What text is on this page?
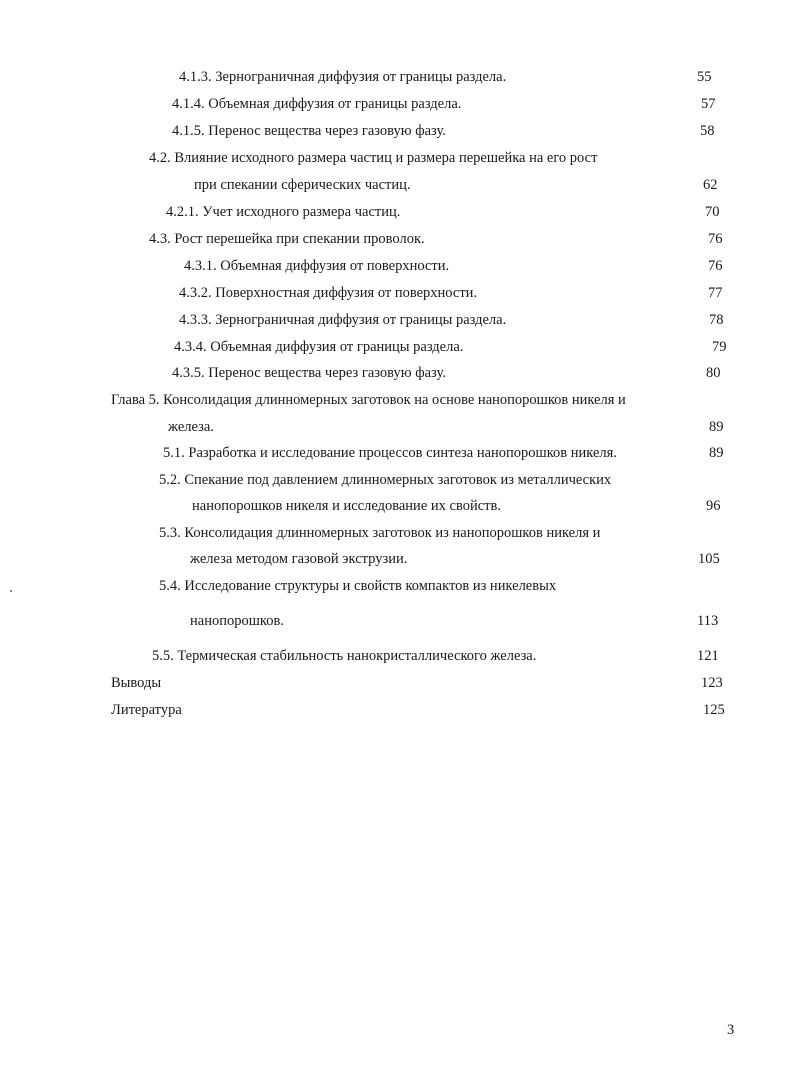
4.1.3. Зернограничная диффузия от границы раздела.	55
4.1.4. Объемная диффузия от границы раздела.	57
4.1.5. Перенос вещества через газовую фазу.	58
4.2. Влияние исходного размера частиц и размера перешейка на его рост
при спекании сферических частиц.	62
4.2.1. Учет исходного размера частиц.	70
4.3. Рост перешейка при спекании проволок.	76
4.3.1. Объемная диффузия от поверхности.	76
4.3.2. Поверхностная диффузия от поверхности.	77
4.3.3. Зернограничная диффузия от границы раздела.	78
4.3.4. Объемная диффузия от границы раздела.	79
4.3.5. Перенос вещества через газовую фазу.	80
Глава 5. Консолидация длинномерных заготовок на основе нанопорошков никеля и
железа.	89
5.1. Разработка и исследование процессов синтеза нанопорошков никеля.	89
5.2. Спекание под давлением длинномерных заготовок из металлических
нанопорошков никеля и исследование их свойств.	96
5.3. Консолидация длинномерных заготовок из нанопорошков никеля и
железа методом газовой экструзии.	105
5.4. Исследование структуры и свойств компактов из никелевых
нанопорошков.	113
5.5. Термическая стабильность нанокристаллического железа.	121
Выводы	123
Литература	125
3
